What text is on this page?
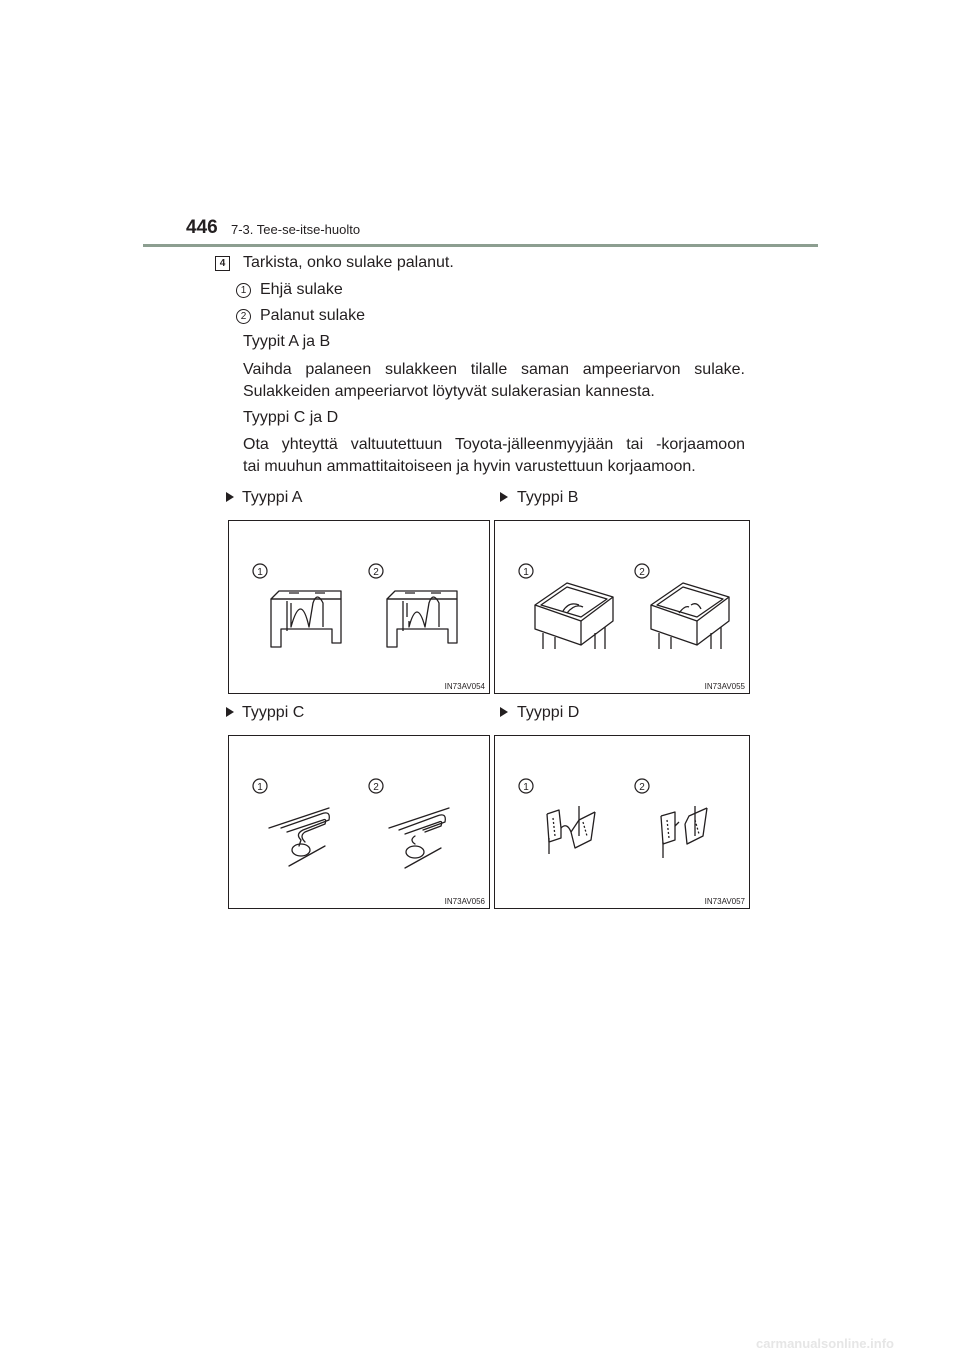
446 7-3. Tee-se-itse-huolto
4 Tarkista, onko sulake palanut.
1 Ehjä sulake
2 Palanut sulake
Tyypit A ja B
Vaihda palaneen sulakkeen tilalle saman ampeeriarvon sulake.
Sulakkeiden ampeeriarvot löytyvät sulakerasian kannesta.
Tyyppi C ja D
Ota yhteyttä valtuutettuun Toyota-jälleenmyyjään tai -korjaamoon
tai muuhun ammattitaitoiseen ja hyvin varustettuun korjaamoon.
Tyyppi A	Tyyppi B
1	2
IN73AV054
1	2
IN73AV055
Tyyppi C	Tyyppi D
1	2
IN73AV056
1	2
IN73AV057
carmanualsonline.info
